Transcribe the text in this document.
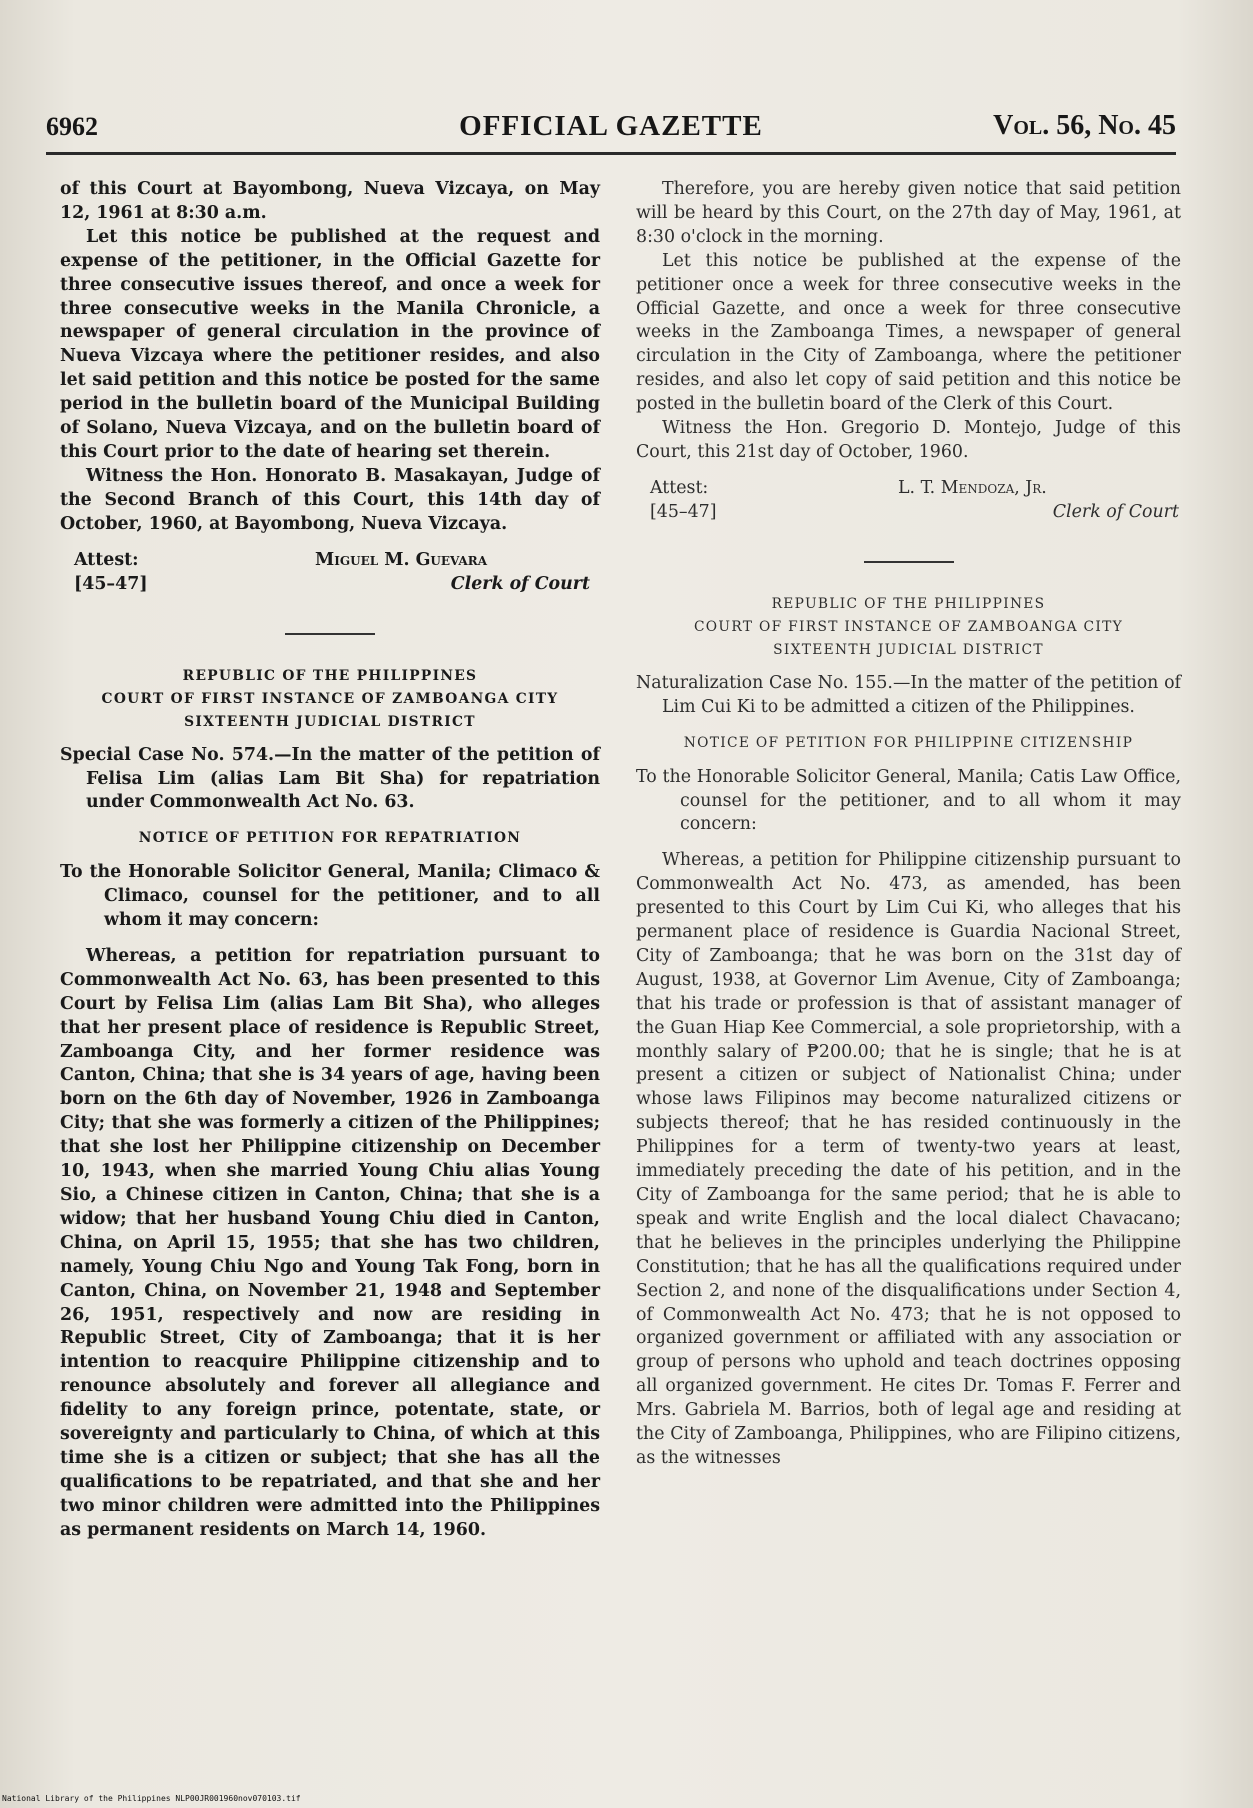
6962	OFFICIAL GAZETTE	Vol. 56, No. 45

of this Court at Bayombong, Nueva Vizcaya, on May 12, 1961 at 8:30 a.m.

Let this notice be published at the request and expense of the petitioner, in the Official Gazette for three consecutive issues thereof, and once a week for three consecutive weeks in the Manila Chronicle, a newspaper of general circulation in the province of Nueva Vizcaya where the petitioner resides, and also let said petition and this notice be posted for the same period in the bulletin board of the Municipal Building of Solano, Nueva Vizcaya, and on the bulletin board of this Court prior to the date of hearing set therein.

Witness the Hon. Honorato B. Masakayan, Judge of the Second Branch of this Court, this 14th day of October, 1960, at Bayombong, Nueva Vizcaya.

Attest:
[45–47]
Miguel M. Guevara
Clerk of Court
REPUBLIC OF THE PHILIPPINES
COURT OF FIRST INSTANCE OF ZAMBOANGA CITY
SIXTEENTH JUDICIAL DISTRICT

Special Case No. 574.—In the matter of the petition of Felisa Lim (alias Lam Bit Sha) for repatriation under Commonwealth Act No. 63.

NOTICE OF PETITION FOR REPATRIATION

To the Honorable Solicitor General, Manila; Climaco & Climaco, counsel for the petitioner, and to all whom it may concern:

Whereas, a petition for repatriation pursuant to Commonwealth Act No. 63, has been presented to this Court by Felisa Lim (alias Lam Bit Sha), who alleges that her present place of residence is Republic Street, Zamboanga City, and her former residence was Canton, China; that she is 34 years of age, having been born on the 6th day of November, 1926 in Zamboanga City; that she was formerly a citizen of the Philippines; that she lost her Philippine citizenship on December 10, 1943, when she married Young Chiu alias Young Sio, a Chinese citizen in Canton, China; that she is a widow; that her husband Young Chiu died in Canton, China, on April 15, 1955; that she has two children, namely, Young Chiu Ngo and Young Tak Fong, born in Canton, China, on November 21, 1948 and September 26, 1951, respectively and now are residing in Republic Street, City of Zamboanga; that it is her intention to reacquire Philippine citizenship and to renounce absolutely and forever all allegiance and fidelity to any foreign prince, potentate, state, or sovereignty and particularly to China, of which at this time she is a citizen or subject; that she has all the qualifications to be repatriated, and that she and her two minor children were admitted into the Philippines as permanent residents on March 14, 1960.

Therefore, you are hereby given notice that said petition will be heard by this Court, on the 27th day of May, 1961, at 8:30 o'clock in the morning.

Let this notice be published at the expense of the petitioner once a week for three consecutive weeks in the Official Gazette, and once a week for three consecutive weeks in the Zamboanga Times, a newspaper of general circulation in the City of Zamboanga, where the petitioner resides, and also let copy of said petition and this notice be posted in the bulletin board of the Clerk of this Court.

Witness the Hon. Gregorio D. Montejo, Judge of this Court, this 21st day of October, 1960.

Attest:
[45–47]
L. T. Mendoza, Jr.
Clerk of Court
REPUBLIC OF THE PHILIPPINES
COURT OF FIRST INSTANCE OF ZAMBOANGA CITY
SIXTEENTH JUDICIAL DISTRICT

Naturalization Case No. 155.—In the matter of the petition of Lim Cui Ki to be admitted a citizen of the Philippines.

NOTICE OF PETITION FOR PHILIPPINE CITIZENSHIP

To the Honorable Solicitor General, Manila; Catis Law Office, counsel for the petitioner, and to all whom it may concern:

Whereas, a petition for Philippine citizenship pursuant to Commonwealth Act No. 473, as amended, has been presented to this Court by Lim Cui Ki, who alleges that his permanent place of residence is Guardia Nacional Street, City of Zamboanga; that he was born on the 31st day of August, 1938, at Governor Lim Avenue, City of Zamboanga; that his trade or profession is that of assistant manager of the Guan Hiap Kee Commercial, a sole proprietorship, with a monthly salary of ₱200.00; that he is single; that he is at present a citizen or subject of Nationalist China; under whose laws Filipinos may become naturalized citizens or subjects thereof; that he has resided continuously in the Philippines for a term of twenty-two years at least, immediately preceding the date of his petition, and in the City of Zamboanga for the same period; that he is able to speak and write English and the local dialect Chavacano; that he believes in the principles underlying the Philippine Constitution; that he has all the qualifications required under Section 2, and none of the disqualifications under Section 4, of Commonwealth Act No. 473; that he is not opposed to organized government or affiliated with any association or group of persons who uphold and teach doctrines opposing all organized government. He cites Dr. Tomas F. Ferrer and Mrs. Gabriela M. Barrios, both of legal age and residing at the City of Zamboanga, Philippines, who are Filipino citizens, as the witnesses

National Library of the Philippines NLP00JR001960nov070103.tif
